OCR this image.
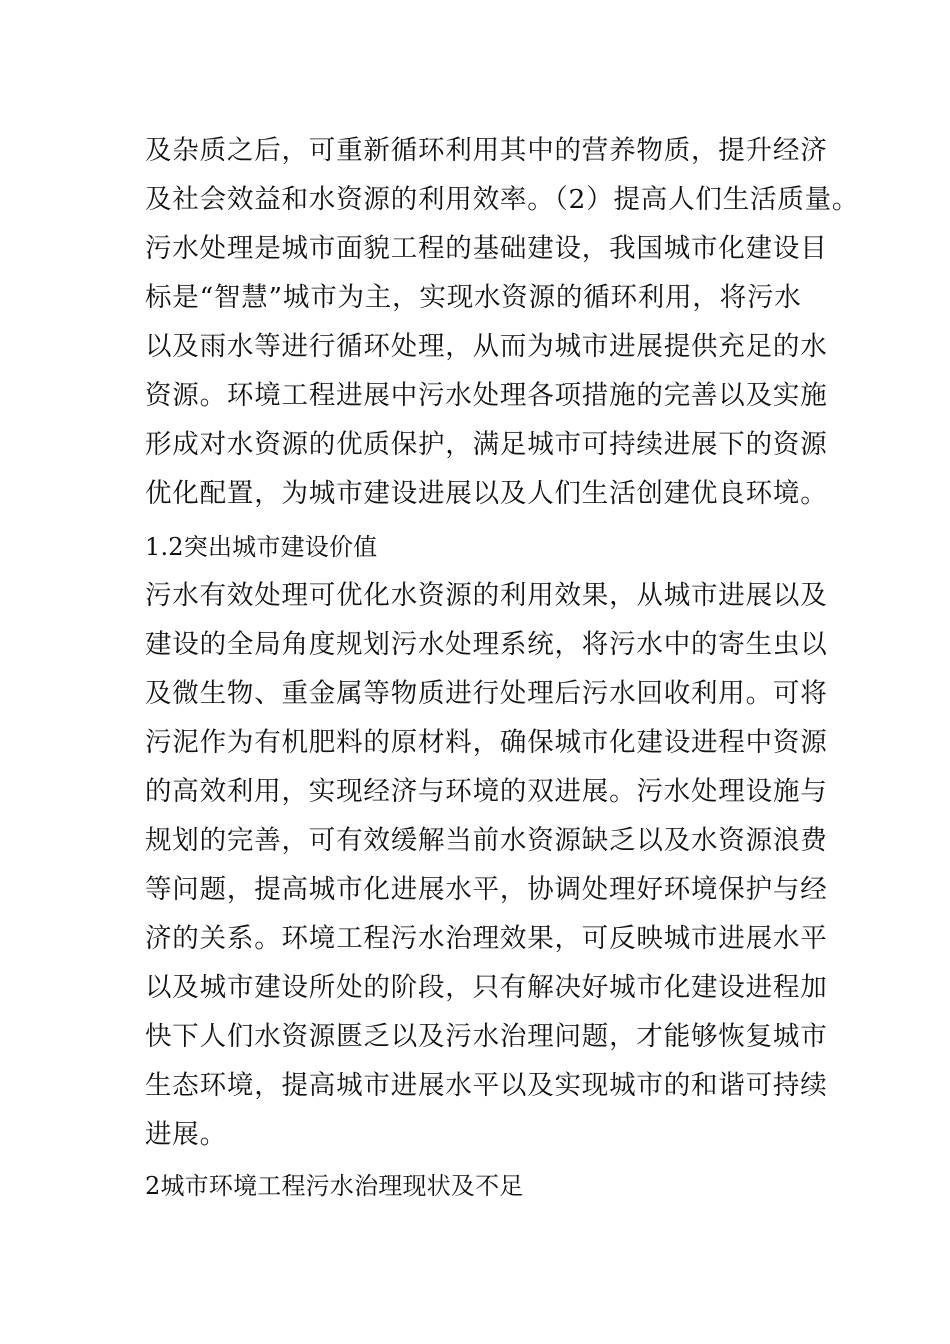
及杂质之后，可重新循环利用其中的营养物质，提升经济
及社会效益和水资源的利用效率。（2）提高人们生活质量。
污水处理是城市面貌工程的基础建设，我国城市化建设目
标是“智慧”城市为主，实现水资源的循环利用，将污水
以及雨水等进行循环处理，从而为城市进展提供充足的水
资源。环境工程进展中污水处理各项措施的完善以及实施
形成对水资源的优质保护，满足城市可持续进展下的资源
优化配置，为城市建设进展以及人们生活创建优良环境。
1.2突出城市建设价值
污水有效处理可优化水资源的利用效果，从城市进展以及
建设的全局角度规划污水处理系统，将污水中的寄生虫以
及微生物、重金属等物质进行处理后污水回收利用。可将
污泥作为有机肥料的原材料，确保城市化建设进程中资源
的高效利用，实现经济与环境的双进展。污水处理设施与
规划的完善，可有效缓解当前水资源缺乏以及水资源浪费
等问题，提高城市化进展水平，协调处理好环境保护与经
济的关系。环境工程污水治理效果，可反映城市进展水平
以及城市建设所处的阶段，只有解决好城市化建设进程加
快下人们水资源匮乏以及污水治理问题，才能够恢复城市
生态环境，提高城市进展水平以及实现城市的和谐可持续
进展。
2城市环境工程污水治理现状及不足
